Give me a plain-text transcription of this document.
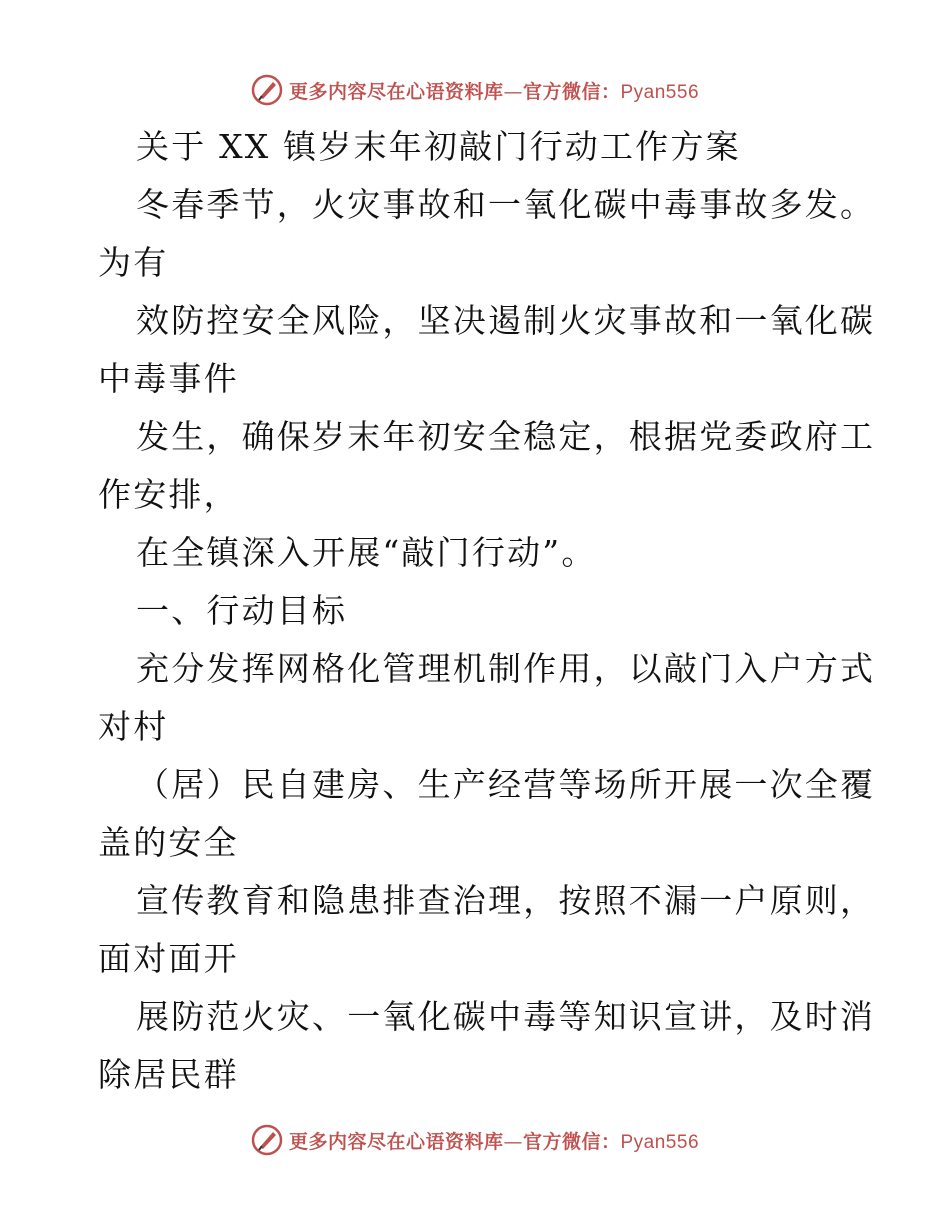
更多内容尽在心语资料库—官方微信：Pyan556
关于 XX 镇岁末年初敲门行动工作方案
冬春季节，火灾事故和一氧化碳中毒事故多发。
为有
效防控安全风险，坚决遏制火灾事故和一氧化碳
中毒事件
发生，确保岁末年初安全稳定，根据党委政府工
作安排，
在全镇深入开展“敲门行动”。
一、行动目标
充分发挥网格化管理机制作用，以敲门入户方式
对村
（居）民自建房、生产经营等场所开展一次全覆
盖的安全
宣传教育和隐患排查治理，按照不漏一户原则，
面对面开
展防范火灾、一氧化碳中毒等知识宣讲，及时消
除居民群
更多内容尽在心语资料库—官方微信：Pyan556
